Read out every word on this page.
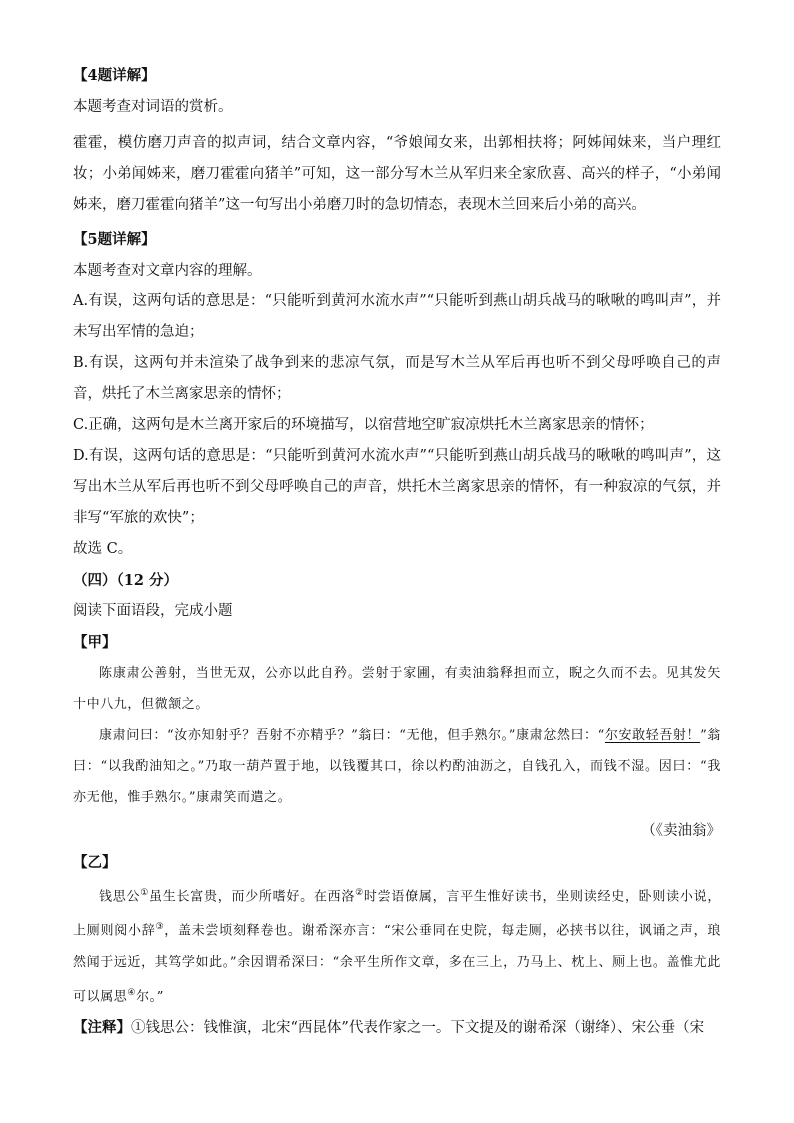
【4题详解】

本题考查对词语的赏析。

霍霍，模仿磨刀声音的拟声词，结合文章内容，“爷娘闻女来，出郭相扶将；阿姊闻妹来，当户理红妆；小弟闻姊来，磨刀霍霍向猪羊”可知，这一部分写木兰从军归来全家欣喜、高兴的样子，“小弟闻姊来，磨刀霍霍向猪羊”这一句写出小弟磨刀时的急切情态，表现木兰回来后小弟的高兴。

【5题详解】

本题考查对文章内容的理解。

A.有误，这两句话的意思是：“只能听到黄河水流水声”“只能听到燕山胡兵战马的啾啾的鸣叫声”，并未写出军情的急迫；

B.有误，这两句并未渲染了战争到来的悲凉气氛，而是写木兰从军后再也听不到父母呼唤自己的声音，烘托了木兰离家思亲的情怀；

C.正确，这两句是木兰离开家后的环境描写，以宿营地空旷寂凉烘托木兰离家思亲的情怀；

D.有误，这两句话的意思是：“只能听到黄河水流水声”“只能听到燕山胡兵战马的啾啾的鸣叫声”，这写出木兰从军后再也听不到父母呼唤自己的声音，烘托木兰离家思亲的情怀，有一种寂凉的气氛，并非写“军旅的欢快”；

故选 C。

（四）（12 分）

阅读下面语段，完成小题

【甲】

陈康肃公善射，当世无双，公亦以此自矜。尝射于家圃，有卖油翁释担而立，睨之久而不去。见其发矢十中八九，但微颔之。

康肃问曰：“汝亦知射乎？吾射不亦精乎？”翁曰：“无他，但手熟尔。”康肃忿然曰：“尔安敢轻吾射！”翁曰：“以我酌油知之。”乃取一葫芦置于地，以钱覆其口，徐以杓酌油沥之，自钱孔入，而钱不湿。因曰：“我亦无他，惟手熟尔。”康肃笑而遣之。

（《卖油翁》

【乙】

钱思公①虽生长富贵，而少所嗜好。在西洛②时尝语僚属，言平生惟好读书，坐则读经史，卧则读小说，上厕则阅小辞③，盖未尝顷刻释卷也。谢希深亦言：“宋公垂同在史院，每走厕，必挟书以往，讽诵之声，琅然闻于远近，其笃学如此。”余因谓希深曰：“余平生所作文章，多在三上，乃马上、枕上、厕上也。盖惟尤此可以属思④尔。”

【注释】①钱思公：钱惟演，北宋“西昆体”代表作家之一。下文提及的谢希深（谢绛）、宋公垂（宋
